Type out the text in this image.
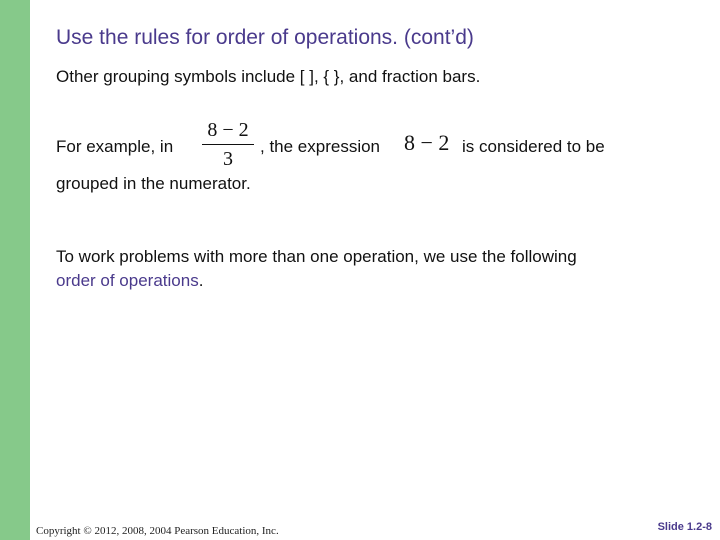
Use the rules for order of operations. (cont’d)
Other grouping symbols include [ ], { }, and fraction bars.
For example, in
8 − 2
3
, the expression 8 − 2 is considered to be
grouped in the numerator.
To work problems with more than one operation, we use the following
order of operations.
Copyright © 2012, 2008, 2004 Pearson Education, Inc.	Slide 1.2-8
